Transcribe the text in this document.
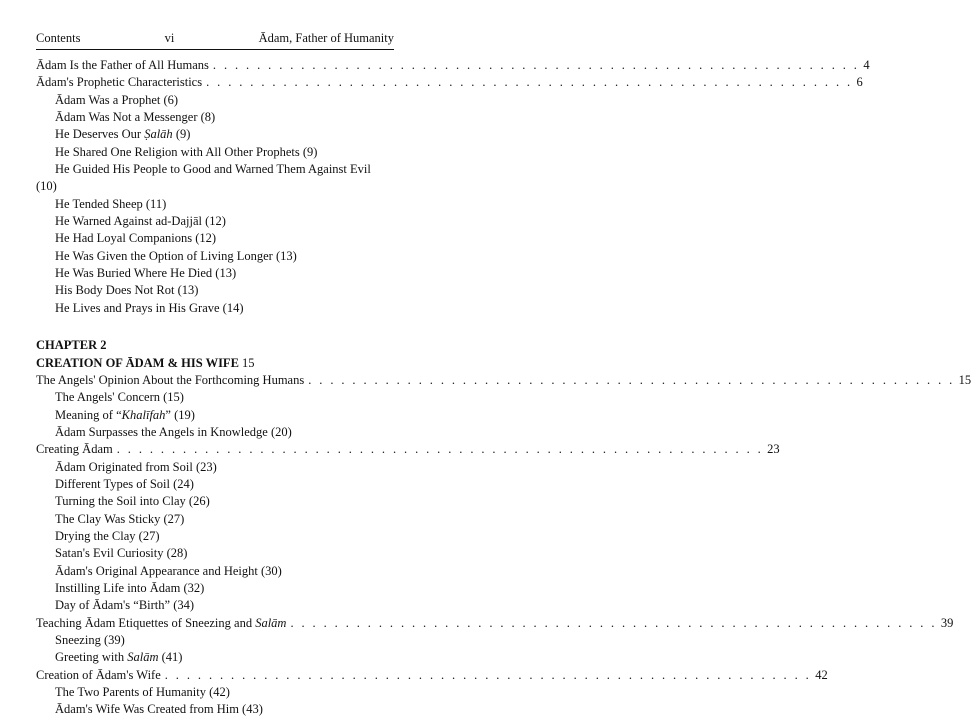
Contents	vi	Ādam, Father of Humanity
Ādam Is the Father of All Humans . . . . . . . . . . . . . . . . . . . . . . . . . . . . . . . . . . . . . . . . . . . . . . . . . . . . . . . . . . . 4
Ādam's Prophetic Characteristics . . . . . . . . . . . . . . . . . . . . . . . . . . . . . . . . . . . . . . . . . . . . . . . . . . . . . . . . . . . 6
Ādam Was a Prophet (6)
Ādam Was Not a Messenger (8)
He Deserves Our Ṣalāh (9)
He Shared One Religion with All Other Prophets (9)
He Guided His People to Good and Warned Them Against Evil
(10)
He Tended Sheep (11)
He Warned Against ad-Dajjāl (12)
He Had Loyal Companions (12)
He Was Given the Option of Living Longer (13)
He Was Buried Where He Died (13)
His Body Does Not Rot (13)
He Lives and Prays in His Grave (14)
CHAPTER 2
CREATION OF ĀDAM & HIS WIFE 15
The Angels' Opinion About the Forthcoming Humans . . . . . . . . . . . . . . . . . . . . . . . . . . . . . . . . . . . . . . . . . . . . . . . . . . . . . . . . . . . 15
The Angels' Concern (15)
Meaning of “Khalīfah” (19)
Ādam Surpasses the Angels in Knowledge (20)
Creating Ādam . . . . . . . . . . . . . . . . . . . . . . . . . . . . . . . . . . . . . . . . . . . . . . . . . . . . . . . . . . . 23
Ādam Originated from Soil (23)
Different Types of Soil (24)
Turning the Soil into Clay (26)
The Clay Was Sticky (27)
Drying the Clay (27)
Satan's Evil Curiosity (28)
Ādam's Original Appearance and Height (30)
Instilling Life into Ādam (32)
Day of Ādam's “Birth” (34)
Teaching Ādam Etiquettes of Sneezing and Salām . . . . . . . . . . . . . . . . . . . . . . . . . . . . . . . . . . . . . . . . . . . . . . . . . . . . . . . . . . . 39
Sneezing (39)
Greeting with Salām (41)
Creation of Ādam's Wife . . . . . . . . . . . . . . . . . . . . . . . . . . . . . . . . . . . . . . . . . . . . . . . . . . . . . . . . . . . 42
The Two Parents of Humanity (42)
Ādam's Wife Was Created from Him (43)
